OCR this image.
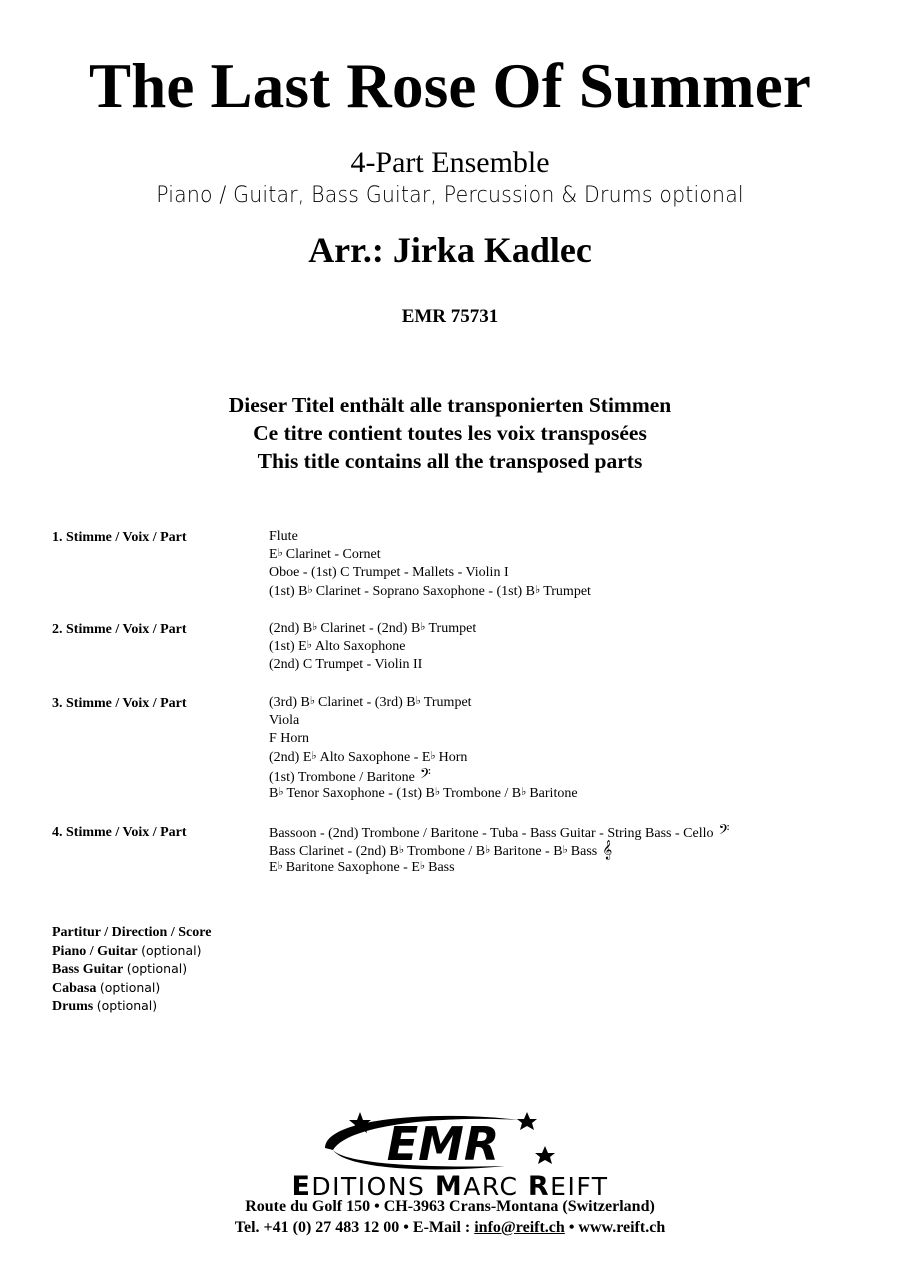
The Last Rose Of Summer
4-Part Ensemble
Piano / Guitar, Bass Guitar, Percussion & Drums optional
Arr.: Jirka Kadlec
EMR 75731
Dieser Titel enthält alle transponierten Stimmen
Ce titre contient toutes les voix transposées
This title contains all the transposed parts
1. Stimme / Voix / Part	Flute
E♭ Clarinet - Cornet
Oboe - (1st) C Trumpet - Mallets - Violin I
(1st) B♭ Clarinet - Soprano Saxophone - (1st) B♭ Trumpet
2. Stimme / Voix / Part	(2nd) B♭ Clarinet - (2nd) B♭ Trumpet
(1st) E♭ Alto Saxophone
(2nd) C Trumpet - Violin II
3. Stimme / Voix / Part	(3rd) B♭ Clarinet - (3rd) B♭ Trumpet
Viola
F Horn
(2nd) E♭ Alto Saxophone - E♭ Horn
(1st) Trombone / Baritone 𝄢
B♭ Tenor Saxophone - (1st) B♭ Trombone / B♭ Baritone
4. Stimme / Voix / Part	Bassoon - (2nd) Trombone / Baritone - Tuba - Bass Guitar - String Bass - Cello 𝄢
Bass Clarinet - (2nd) B♭ Trombone / B♭ Baritone - B♭ Bass 𝄞
E♭ Baritone Saxophone - E♭ Bass
Partitur / Direction / Score
Piano / Guitar (optional)
Bass Guitar (optional)
Cabasa (optional)
Drums (optional)
EMR
EDITIONS MARC REIFT
Route du Golf 150 • CH-3963 Crans-Montana (Switzerland)
Tel. +41 (0) 27 483 12 00 • E-Mail : info@reift.ch • www.reift.ch
